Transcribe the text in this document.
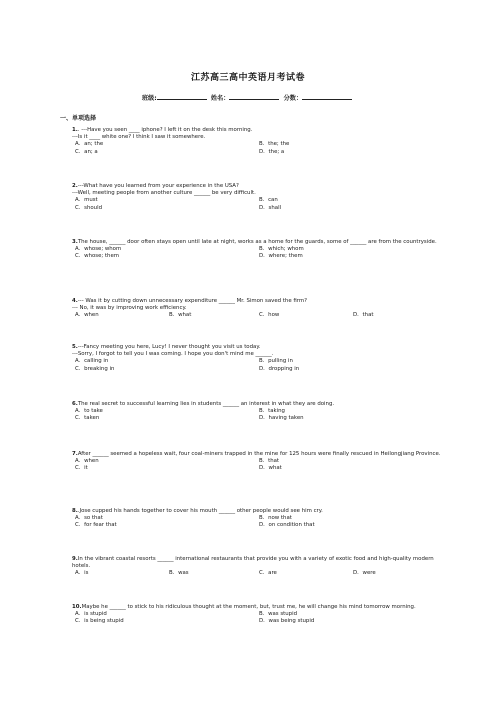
江苏高三高中英语月考试卷
班级:	姓名：	分数：
一、单项选择
1.. ---Have you seen ____ iphone? I left it on the desk this morning.
---Is it ____ white one? I think I saw it somewhere.
A．an; the	B．the; the
C．an; a	D．the; a
2.---What have you learned from your experience in the USA?
---Well, meeting people from another culture ______ be very difficult.
A．must	B．can
C．should	D．shall
3.The house, ______ door often stays open until late at night, works as a home for the guards, some of ______ are from the countryside.
A．whose; whom	B．which; whom
C．whose; them	D．where; them
4.--- Was it by cutting down unnecessary expenditure ______ Mr. Simon saved the firm?
--- No, it was by improving work efficiency.
A．when	B．what	C．how	D．that
5.---Fancy meeting you here, Lucy! I never thought you visit us today.
---Sorry, I forgot to tell you I was coming. I hope you don't mind me ______.
A．calling in	B．pulling in
C．breaking in	D．dropping in
6.The real secret to successful learning lies in students ______ an interest in what they are doing.
A．to take	B．taking
C．taken	D．having taken
7.After ______ seemed a hopeless wait, four coal-miners trapped in the mine for 125 hours were finally rescued in Heilongjiang Province.
A．when	B．that
C．it	D．what
8..Jose cupped his hands together to cover his mouth ______ other people would see him cry.
A．so that	B．now that
C．for fear that	D．on condition that
9.In the vibrant coastal resorts ______ international restaurants that provide you with a variety of exotic food and high-quality modern hotels.
A．is	B．was	C．are	D．were
10.Maybe he ______ to stick to his ridiculous thought at the moment, but, trust me, he will change his mind tomorrow morning.
A．is stupid	B．was stupid
C．is being stupid	D．was being stupid
